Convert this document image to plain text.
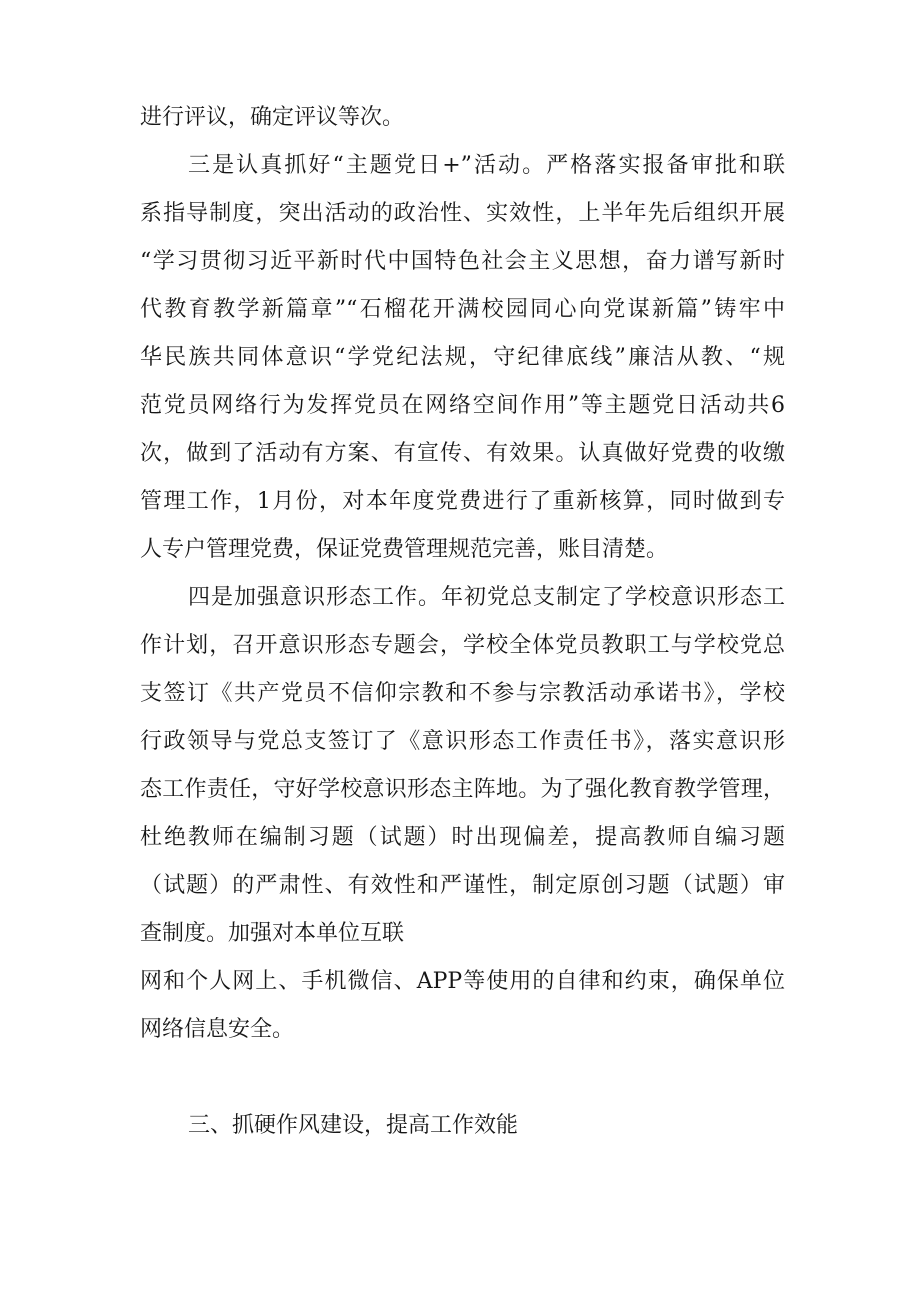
进行评议，确定评议等次。
三是认真抓好“主题党日+”活动。严格落实报备审批和联
系指导制度，突出活动的政治性、实效性，上半年先后组织开展
“学习贯彻习近平新时代中国特色社会主义思想，奋力谱写新时
代教育教学新篇章”“石榴花开满校园同心向党谋新篇”铸牢中
华民族共同体意识“学党纪法规，守纪律底线”廉洁从教、“规
范党员网络行为发挥党员在网络空间作用”等主题党日活动共6
次，做到了活动有方案、有宣传、有效果。认真做好党费的收缴
管理工作，1月份，对本年度党费进行了重新核算，同时做到专
人专户管理党费，保证党费管理规范完善，账目清楚。
四是加强意识形态工作。年初党总支制定了学校意识形态工
作计划，召开意识形态专题会，学校全体党员教职工与学校党总
支签订《共产党员不信仰宗教和不参与宗教活动承诺书》，学校
行政领导与党总支签订了《意识形态工作责任书》，落实意识形
态工作责任，守好学校意识形态主阵地。为了强化教育教学管理，
杜绝教师在编制习题（试题）时出现偏差，提高教师自编习题
（试题）的严肃性、有效性和严谨性，制定原创习题（试题）审
查制度。加强对本单位互联
网和个人网上、手机微信、APP等使用的自律和约束，确保单位
网络信息安全。
三、抓硬作风建设，提高工作效能
